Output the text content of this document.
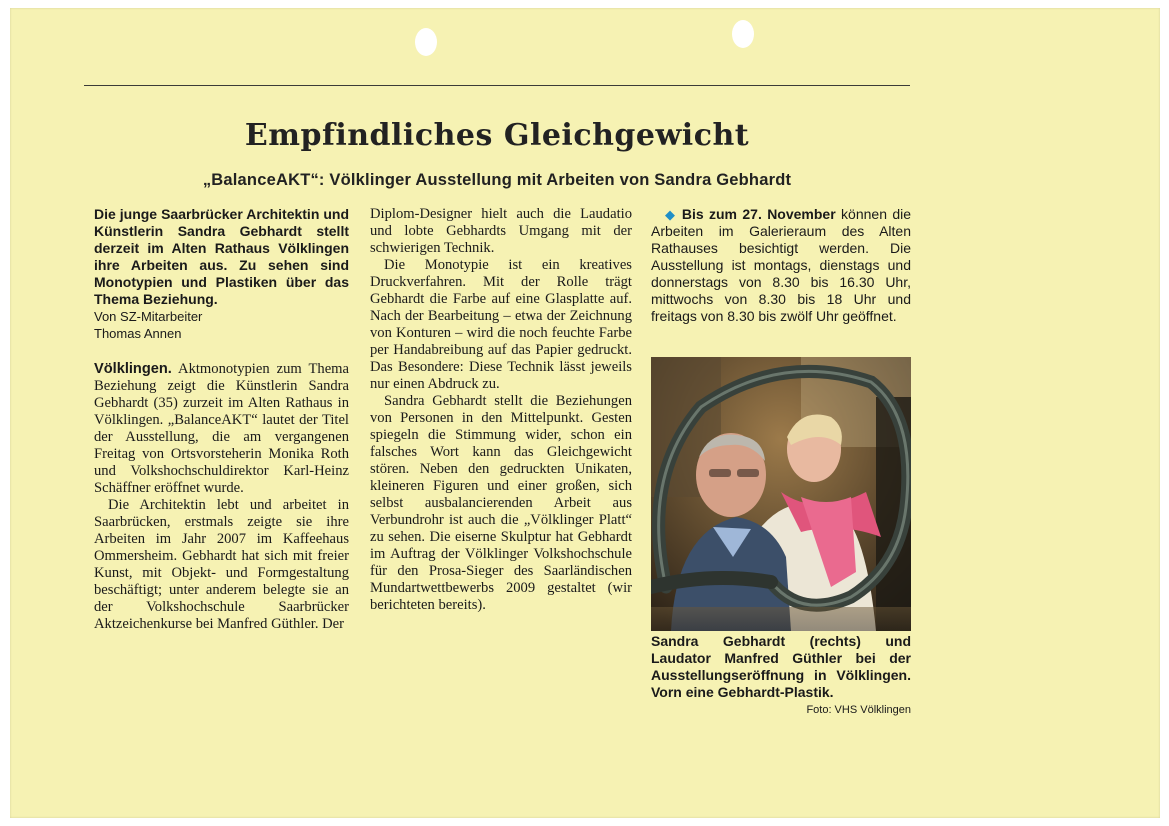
Empfindliches Gleichgewicht
„BalanceAKT“: Völklinger Ausstellung mit Arbeiten von Sandra Gebhardt

Die junge Saarbrücker Architektin und Künstlerin Sandra Gebhardt stellt derzeit im Alten Rathaus Völklingen ihre Arbeiten aus. Zu sehen sind Monotypien und Plastiken über das Thema Beziehung.

Von SZ-Mitarbeiter
Thomas Annen

Völklingen. Aktmonotypien zum Thema Beziehung zeigt die Künstlerin Sandra Gebhardt (35) zurzeit im Alten Rathaus in Völklingen. „BalanceAKT“ lautet der Titel der Ausstellung, die am vergangenen Freitag von Ortsvorsteherin Monika Roth und Volkshochschuldirektor Karl-Heinz Schäffner eröffnet wurde.

Die Architektin lebt und arbeitet in Saarbrücken, erstmals zeigte sie ihre Arbeiten im Jahr 2007 im Kaffeehaus Ommersheim. Gebhardt hat sich mit freier Kunst, mit Objekt- und Formgestaltung beschäftigt; unter anderem belegte sie an der Volkshochschule Saarbrücker Aktzeichenkurse bei Manfred Güthler. Der

Diplom-Designer hielt auch die Laudatio und lobte Gebhardts Umgang mit der schwierigen Technik.

Die Monotypie ist ein kreatives Druckverfahren. Mit der Rolle trägt Gebhardt die Farbe auf eine Glasplatte auf. Nach der Bearbeitung – etwa der Zeichnung von Konturen – wird die noch feuchte Farbe per Handabreibung auf das Papier gedruckt. Das Besondere: Diese Technik lässt jeweils nur einen Abdruck zu.

Sandra Gebhardt stellt die Beziehungen von Personen in den Mittelpunkt. Gesten spiegeln die Stimmung wider, schon ein falsches Wort kann das Gleichgewicht stören. Neben den gedruckten Unikaten, kleineren Figuren und einer großen, sich selbst ausbalancierenden Arbeit aus Verbundrohr ist auch die „Völklinger Platt“ zu sehen. Die eiserne Skulptur hat Gebhardt im Auftrag der Völklinger Volkshochschule für den Prosa-Sieger des Saarländischen Mundartwettbewerbs 2009 gestaltet (wir berichteten bereits).

◆ Bis zum 27. November können die Arbeiten im Galerieraum des Alten Rathauses besichtigt werden. Die Ausstellung ist montags, dienstags und donnerstags von 8.30 bis 16.30 Uhr, mittwochs von 8.30 bis 18 Uhr und freitags von 8.30 bis zwölf Uhr geöffnet.

Sandra Gebhardt (rechts) und Laudator Manfred Güthler bei der Ausstellungseröffnung in Völklingen. Vorn eine Gebhardt-Plastik.
Foto: VHS Völklingen
